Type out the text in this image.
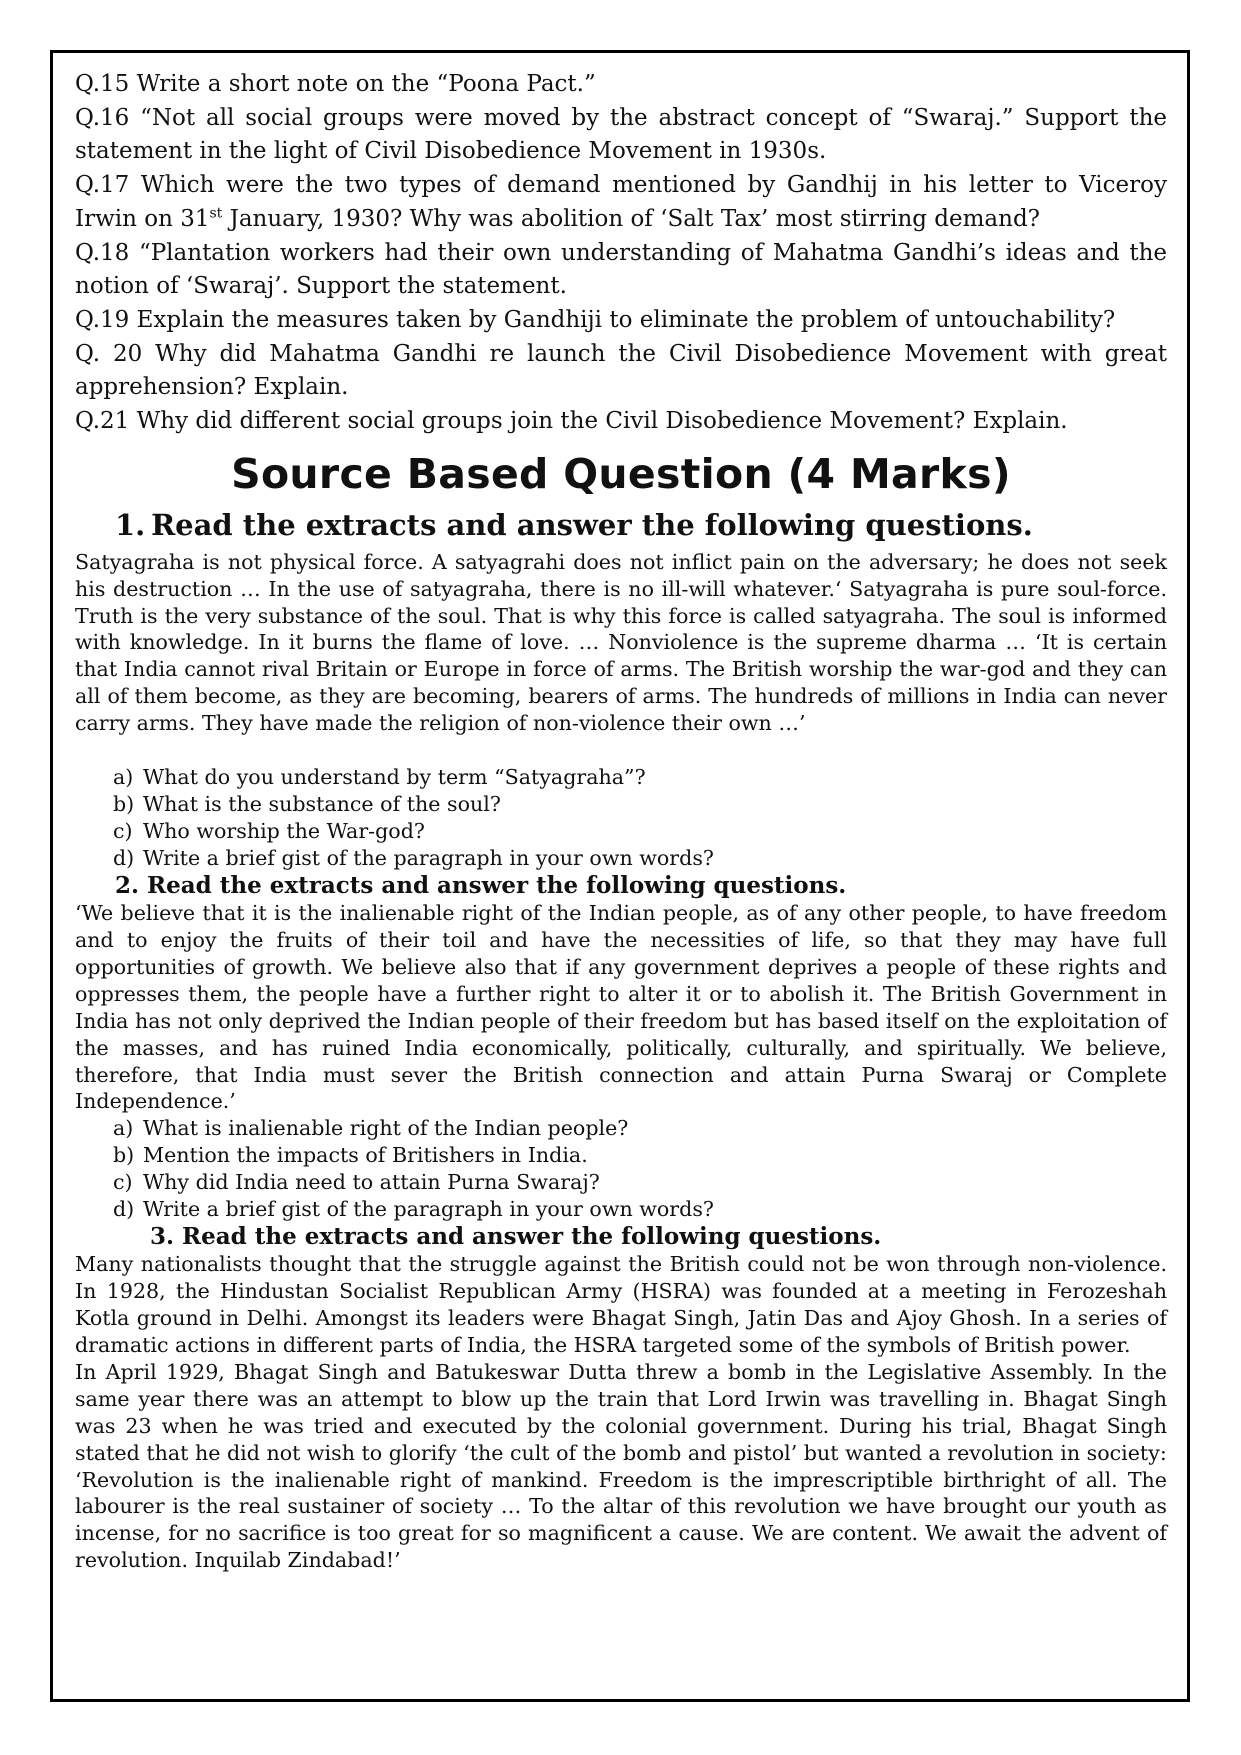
Q.15 Write a short note on the “Poona Pact.”

Q.16 “Not all social groups were moved by the abstract concept of “Swaraj.” Support the statement in the light of Civil Disobedience Movement in 1930s.

Q.17 Which were the two types of demand mentioned by Gandhij in his letter to Viceroy Irwin on 31st January, 1930? Why was abolition of ‘Salt Tax’ most stirring demand?

Q.18 “Plantation workers had their own understanding of Mahatma Gandhi’s ideas and the notion of ‘Swaraj’. Support the statement.

Q.19 Explain the measures taken by Gandhiji to eliminate the problem of untouchability?

Q. 20 Why did Mahatma Gandhi re launch the Civil Disobedience Movement with great apprehension? Explain.

Q.21 Why did different social groups join the Civil Disobedience Movement? Explain.

Source Based Question (4 Marks)
1. Read the extracts and answer the following questions.

Satyagraha is not physical force. A satyagrahi does not inflict pain on the adversary; he does not seek his destruction … In the use of satyagraha, there is no ill-will whatever.‘ Satyagraha is pure soul-force. Truth is the very substance of the soul. That is why this force is called satyagraha. The soul is informed with knowledge. In it burns the flame of love. … Nonviolence is the supreme dharma … ‘It is certain that India cannot rival Britain or Europe in force of arms. The British worship the war-god and they can all of them become, as they are becoming, bearers of arms. The hundreds of millions in India can never carry arms. They have made the religion of non-violence their own …’

a) What do you understand by term “Satyagraha”?
b) What is the substance of the soul?
c) Who worship the War-god?
d) Write a brief gist of the paragraph in your own words?
2. Read the extracts and answer the following questions.

‘We believe that it is the inalienable right of the Indian people, as of any other people, to have freedom and to enjoy the fruits of their toil and have the necessities of life, so that they may have full opportunities of growth. We believe also that if any government deprives a people of these rights and oppresses them, the people have a further right to alter it or to abolish it. The British Government in India has not only deprived the Indian people of their freedom but has based itself on the exploitation of the masses, and has ruined India economically, politically, culturally, and spiritually. We believe, therefore, that India must sever the British connection and attain Purna Swaraj or Complete Independence.’

a) What is inalienable right of the Indian people?
b) Mention the impacts of Britishers in India.
c) Why did India need to attain Purna Swaraj?
d) Write a brief gist of the paragraph in your own words?
3. Read the extracts and answer the following questions.

Many nationalists thought that the struggle against the British could not be won through non-violence. In 1928, the Hindustan Socialist Republican Army (HSRA) was founded at a meeting in Ferozeshah Kotla ground in Delhi. Amongst its leaders were Bhagat Singh, Jatin Das and Ajoy Ghosh. In a series of dramatic actions in different parts of India, the HSRA targeted some of the symbols of British power.

In April 1929, Bhagat Singh and Batukeswar Dutta threw a bomb in the Legislative Assembly. In the same year there was an attempt to blow up the train that Lord Irwin was travelling in. Bhagat Singh was 23 when he was tried and executed by the colonial government. During his trial, Bhagat Singh stated that he did not wish to glorify ‘the cult of the bomb and pistol’ but wanted a revolution in society:

‘Revolution is the inalienable right of mankind. Freedom is the imprescriptible birthright of all. The labourer is the real sustainer of society … To the altar of this revolution we have brought our youth as incense, for no sacrifice is too great for so magnificent a cause. We are content. We await the advent of revolution. Inquilab Zindabad!’
